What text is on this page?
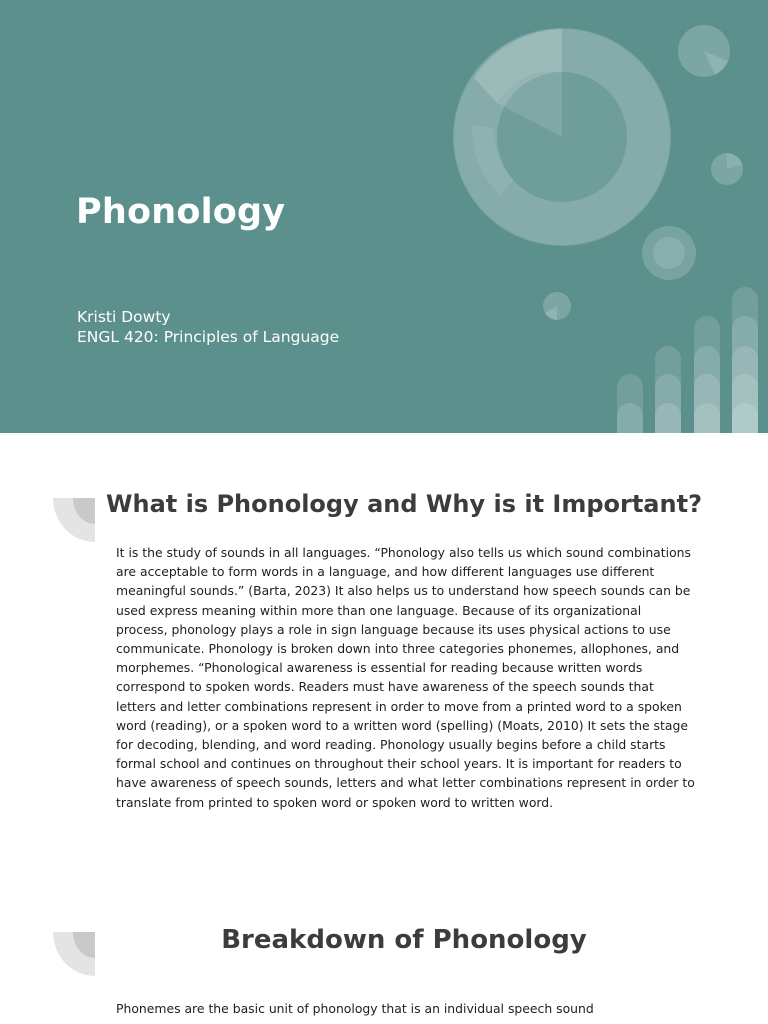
Phonology
Kristi Dowty
ENGL 420: Principles of Language
What is Phonology and Why is it Important?

It is the study of sounds in all languages. “Phonology also tells us which sound combinations are acceptable to form words in a language, and how different languages use different meaningful sounds.” (Barta, 2023) It also helps us to understand how speech sounds can be used express meaning within more than one language. Because of its organizational process, phonology plays a role in sign language because its uses physical actions to use communicate. Phonology is broken down into three categories phonemes, allophones, and morphemes. “Phonological awareness is essential for reading because written words correspond to spoken words. Readers must have awareness of the speech sounds that letters and letter combinations represent in order to move from a printed word to a spoken word (reading), or a spoken word to a written word (spelling) (Moats, 2010) It sets the stage for decoding, blending, and word reading. Phonology usually begins before a child starts formal school and continues on throughout their school years. It is important for readers to have awareness of speech sounds, letters and what letter combinations represent in order to translate from printed to spoken word or spoken word to written word.

Breakdown of Phonology

Phonemes are the basic unit of phonology that is an individual speech sound
